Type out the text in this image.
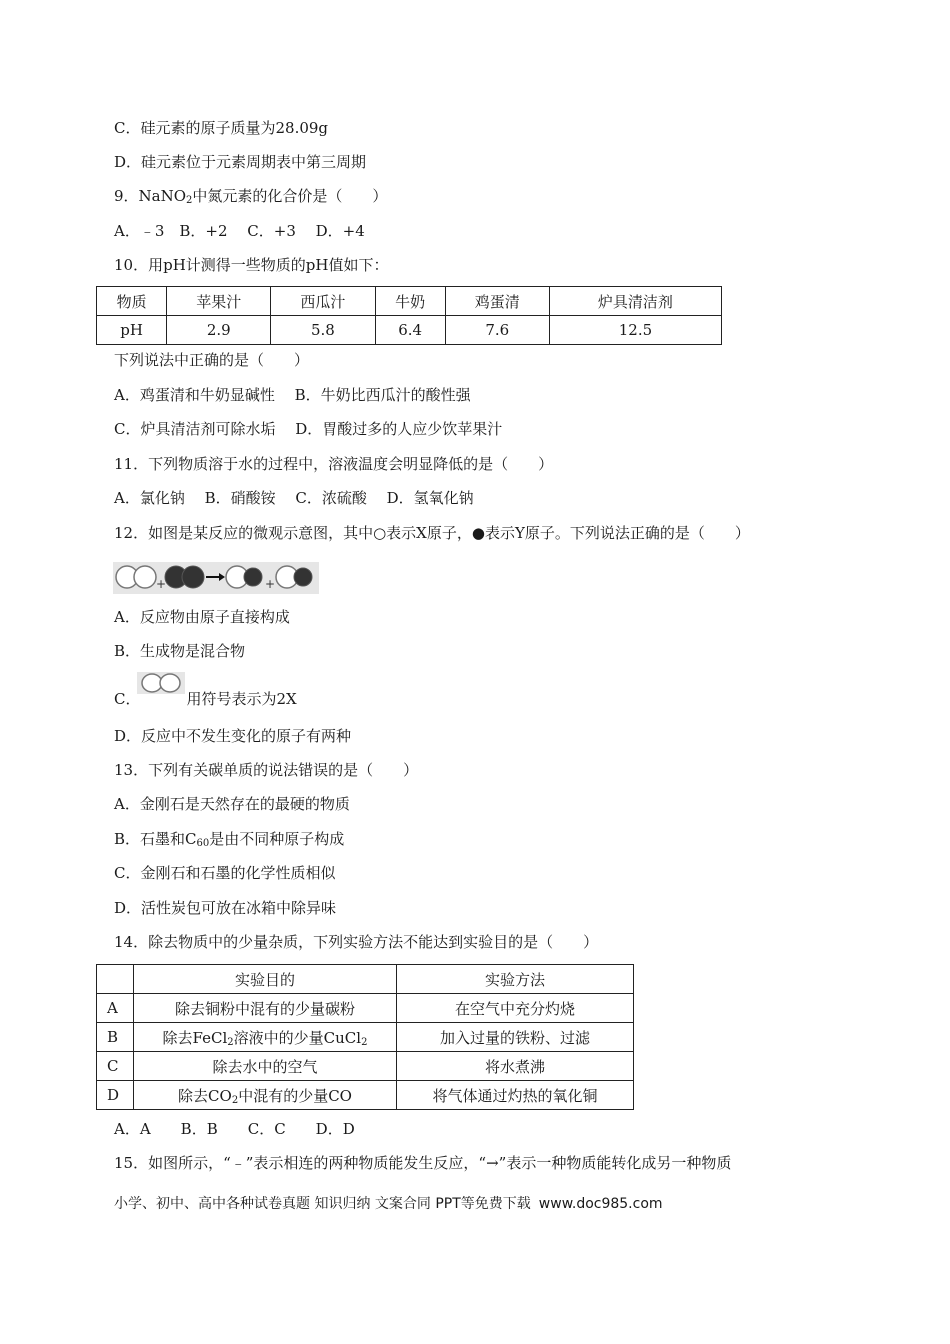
C．硅元素的原子质量为28.09g
D．硅元素位于元素周期表中第三周期
9．NaNO$_2$中氮元素的化合价是（　　）
A．﹣3　B．+2　 C．+3　 D．+4
10．用pH计测得一些物质的pH值如下：
物质	苹果汁	西瓜汁	牛奶	鸡蛋清	炉具清洁剂
pH	2.9	5.8	6.4	7.6	12.5
下列说法中正确的是（　　）
A．鸡蛋清和牛奶显碱性　 B．牛奶比西瓜汁的酸性强
C．炉具清洁剂可除水垢　 D．胃酸过多的人应少饮苹果汁
11．下列物质溶于水的过程中，溶液温度会明显降低的是（　　）
A．氯化钠　 B．硝酸铵　 C．浓硫酸　 D．氢氧化钠
12．如图是某反应的微观示意图，其中○表示X原子，●表示Y原子。下列说法正确的是（　　）
+	+
A．反应物由原子直接构成
B．生成物是混合物
C．	用符号表示为2X
D．反应中不发生变化的原子有两种
13．下列有关碳单质的说法错误的是（　　）
A．金刚石是天然存在的最硬的物质
B．石墨和$C_{60}$是由不同种原子构成
C．金刚石和石墨的化学性质相似
D．活性炭包可放在冰箱中除异味
14．除去物质中的少量杂质，下列实验方法不能达到实验目的是（　　）
	实验目的	实验方法
A	除去铜粉中混有的少量碳粉	在空气中充分灼烧
B	除去FeCl$_2$溶液中的少量CuCl$_2$	加入过量的铁粉、过滤
C	除去水中的空气	将水煮沸
D	除去$CO_2$中混有的少量CO	将气体通过灼热的氧化铜
A．A　　B．B　　C．C　　D．D
15．如图所示，“﹣”表示相连的两种物质能发生反应，“→”表示一种物质能转化成另一种物质
小学、初中、高中各种试卷真题 知识归纳 文案合同 PPT等免费下载 www.doc985.com
